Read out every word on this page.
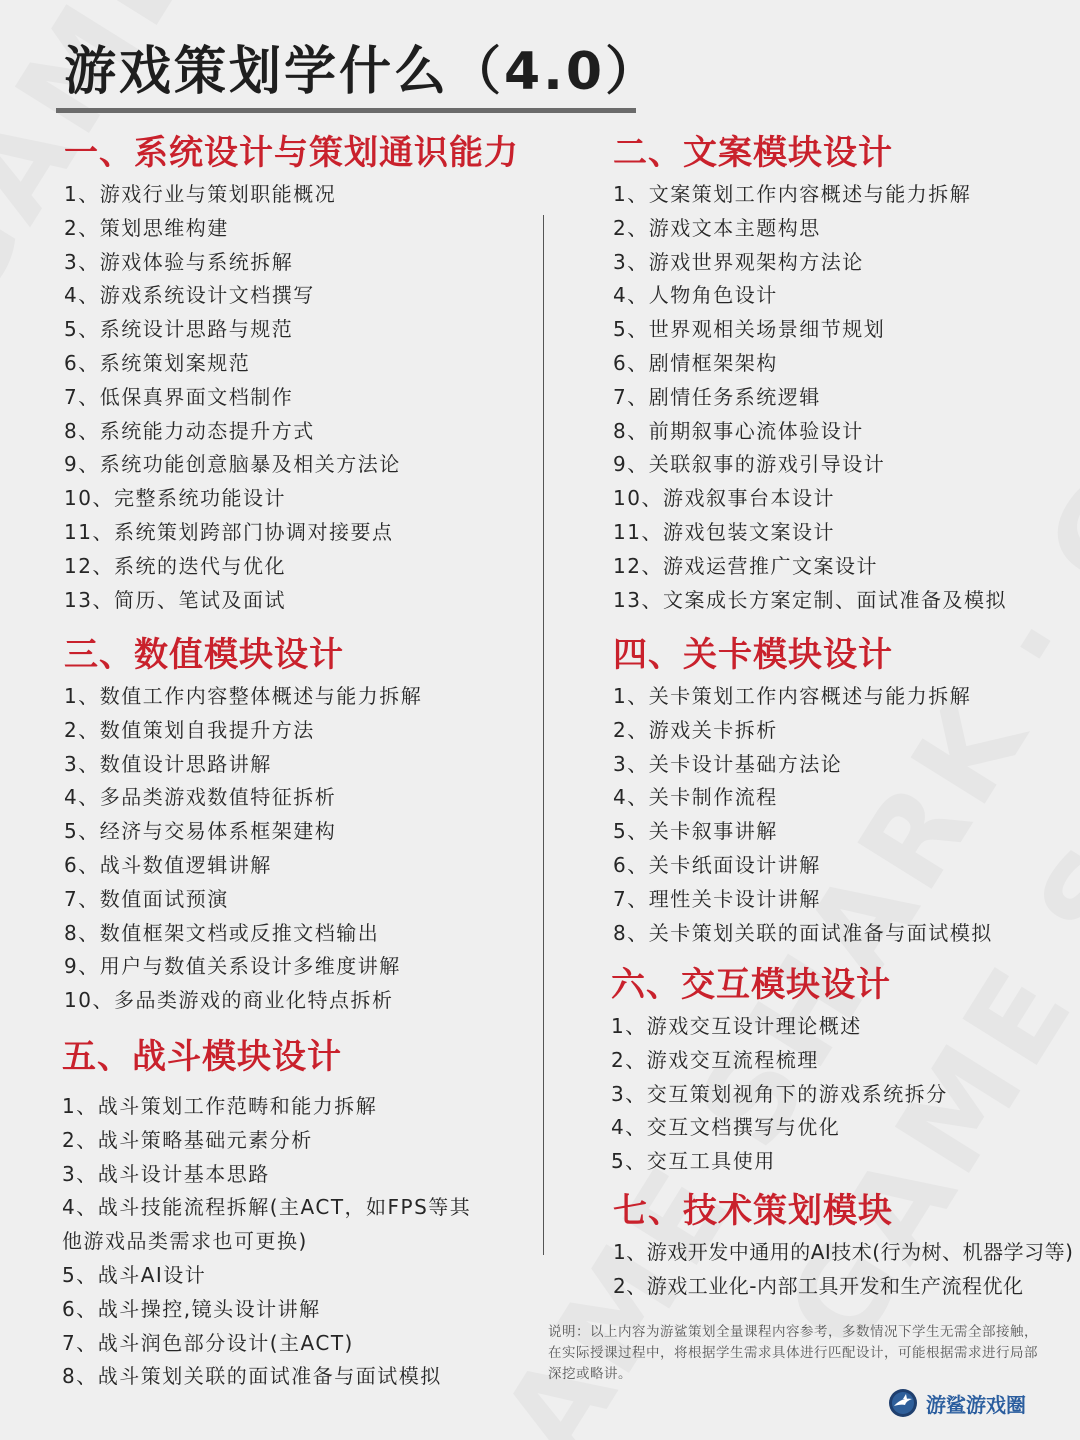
游戏策划学什么（4.0）
一、系统设计与策划通识能力
1、游戏行业与策划职能概况
2、策划思维构建
3、游戏体验与系统拆解
4、游戏系统设计文档撰写
5、系统设计思路与规范
6、系统策划案规范
7、低保真界面文档制作
8、系统能力动态提升方式
9、系统功能创意脑暴及相关方法论
10、完整系统功能设计
11、系统策划跨部门协调对接要点
12、系统的迭代与优化
13、简历、笔试及面试
二、文案模块设计
1、文案策划工作内容概述与能力拆解
2、游戏文本主题构思
3、游戏世界观架构方法论
4、人物角色设计
5、世界观相关场景细节规划
6、剧情框架架构
7、剧情任务系统逻辑
8、前期叙事心流体验设计
9、关联叙事的游戏引导设计
10、游戏叙事台本设计
11、游戏包装文案设计
12、游戏运营推广文案设计
13、文案成长方案定制、面试准备及模拟
三、数值模块设计
1、数值工作内容整体概述与能力拆解
2、数值策划自我提升方法
3、数值设计思路讲解
4、多品类游戏数值特征拆析
5、经济与交易体系框架建构
6、战斗数值逻辑讲解
7、数值面试预演
8、数值框架文档或反推文档输出
9、用户与数值关系设计多维度讲解
10、多品类游戏的商业化特点拆析
四、关卡模块设计
1、关卡策划工作内容概述与能力拆解
2、游戏关卡拆析
3、关卡设计基础方法论
4、关卡制作流程
5、关卡叙事讲解
6、关卡纸面设计讲解
7、理性关卡设计讲解
8、关卡策划关联的面试准备与面试模拟
五、战斗模块设计
1、战斗策划工作范畴和能力拆解
2、战斗策略基础元素分析
3、战斗设计基本思路
4、战斗技能流程拆解(主ACT，如FPS等其他游戏品类需求也可更换)
5、战斗AI设计
6、战斗操控,镜头设计讲解
7、战斗润色部分设计(主ACT)
8、战斗策划关联的面试准备与面试模拟
六、交互模块设计
1、游戏交互设计理论概述
2、游戏交互流程梳理
3、交互策划视角下的游戏系统拆分
4、交互文档撰写与优化
5、交互工具使用
七、技术策划模块
1、游戏开发中通用的AI技术(行为树、机器学习等)
2、游戏工业化-内部工具开发和生产流程优化

说明：以上内容为游鲨策划全量课程内容参考，多数情况下学生无需全部接触，在实际授课过程中，将根据学生需求具体进行匹配设计，可能根据需求进行局部深挖或略讲。

游鲨游戏圈
